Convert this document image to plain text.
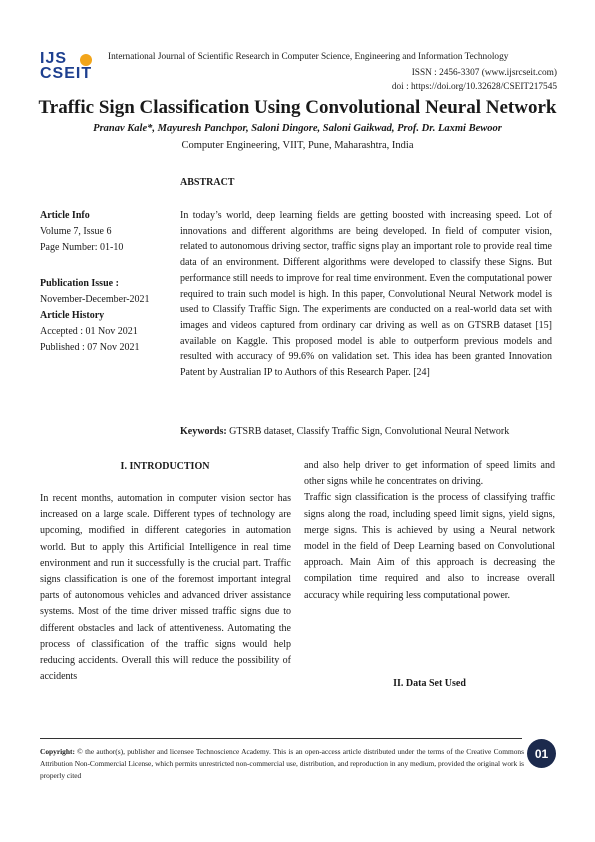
IJS
CSEIT
International Journal of Scientific Research in Computer Science, Engineering and Information Technology
ISSN : 2456-3307 (www.ijsrcseit.com)
doi : https://doi.org/10.32628/CSEIT217545
Traffic Sign Classification Using Convolutional Neural Network
Pranav Kale*, Mayuresh Panchpor, Saloni Dingore, Saloni Gaikwad, Prof. Dr. Laxmi Bewoor
Computer Engineering, VIIT, Pune, Maharashtra, India
ABSTRACT
Article Info
Volume 7, Issue 6
Page Number: 01-10
Publication Issue :
November-December-2021
Article History
Accepted : 01 Nov 2021
Published : 07 Nov 2021
In today’s world, deep learning fields are getting boosted with increasing speed. Lot of innovations and different algorithms are being developed. In field of computer vision, related to autonomous driving sector, traffic signs play an important role to provide real time data of an environment. Different algorithms were developed to classify these Signs. But performance still needs to improve for real time environment. Even the computational power required to train such model is high. In this paper, Convolutional Neural Network model is used to Classify Traffic Sign. The experiments are conducted on a real-world data set with images and videos captured from ordinary car driving as well as on GTSRB dataset [15] available on Kaggle. This proposed model is able to outperform previous models and resulted with accuracy of 99.6% on validation set. This idea has been granted Innovation Patent by Australian IP to Authors of this Research Paper. [24]
Keywords: GTSRB dataset, Classify Traffic Sign, Convolutional Neural Network
I. INTRODUCTION
In recent months, automation in computer vision sector has increased on a large scale. Different types of technology are upcoming, modified in different categories in automation world. But to apply this Artificial Intelligence in real time environment and run it successfully is the crucial part. Traffic signs classification is one of the foremost important integral parts of autonomous vehicles and advanced driver assistance systems. Most of the time driver missed traffic signs due to different obstacles and lack of attentiveness. Automating the process of classification of the traffic signs would help reducing accidents. Overall this will reduce the possibility of accidents

and also help driver to get information of speed limits and other signs while he concentrates on driving.

Traffic sign classification is the process of classifying traffic signs along the road, including speed limit signs, yield signs, merge signs. This is achieved by using a Neural network model in the field of Deep Learning based on Convolutional approach. Main Aim of this approach is decreasing the compilation time required and also to increase overall accuracy while requiring less computational power.

II. Data Set Used
Copyright: © the author(s), publisher and licensee Technoscience Academy. This is an open-access article distributed under the terms of the Creative Commons Attribution Non-Commercial License, which permits unrestricted non-commercial use, distribution, and reproduction in any medium, provided the original work is properly cited
01
